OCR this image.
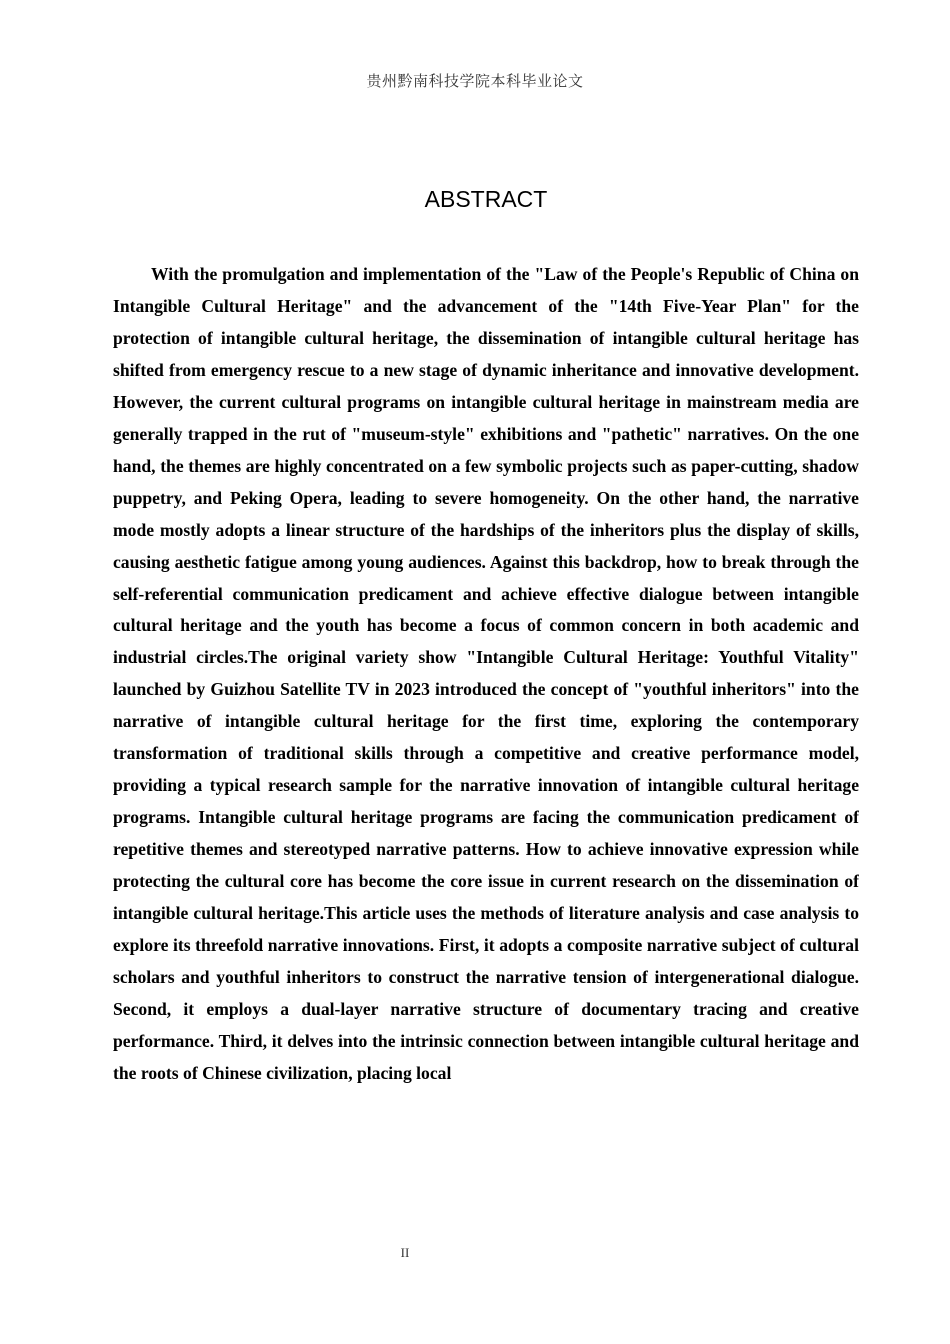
贵州黔南科技学院本科毕业论文
ABSTRACT

With the promulgation and implementation of the "Law of the People's Republic of China on Intangible Cultural Heritage" and the advancement of the "14th Five-Year Plan" for the protection of intangible cultural heritage, the dissemination of intangible cultural heritage has shifted from emergency rescue to a new stage of dynamic inheritance and innovative development. However, the current cultural programs on intangible cultural heritage in mainstream media are generally trapped in the rut of "museum-style" exhibitions and "pathetic" narratives. On the one hand, the themes are highly concentrated on a few symbolic projects such as paper-cutting, shadow puppetry, and Peking Opera, leading to severe homogeneity. On the other hand, the narrative mode mostly adopts a linear structure of the hardships of the inheritors plus the display of skills, causing aesthetic fatigue among young audiences. Against this backdrop, how to break through the self-referential communication predicament and achieve effective dialogue between intangible cultural heritage and the youth has become a focus of common concern in both academic and industrial circles.The original variety show "Intangible Cultural Heritage: Youthful Vitality" launched by Guizhou Satellite TV in 2023 introduced the concept of "youthful inheritors" into the narrative of intangible cultural heritage for the first time, exploring the contemporary transformation of traditional skills through a competitive and creative performance model, providing a typical research sample for the narrative innovation of intangible cultural heritage programs. Intangible cultural heritage programs are facing the communication predicament of repetitive themes and stereotyped narrative patterns. How to achieve innovative expression while protecting the cultural core has become the core issue in current research on the dissemination of intangible cultural heritage.This article uses the methods of literature analysis and case analysis to explore its threefold narrative innovations. First, it adopts a composite narrative subject of cultural scholars and youthful inheritors to construct the narrative tension of intergenerational dialogue. Second, it employs a dual-layer narrative structure of documentary tracing and creative performance. Third, it delves into the intrinsic connection between intangible cultural heritage and the roots of Chinese civilization, placing local

II
